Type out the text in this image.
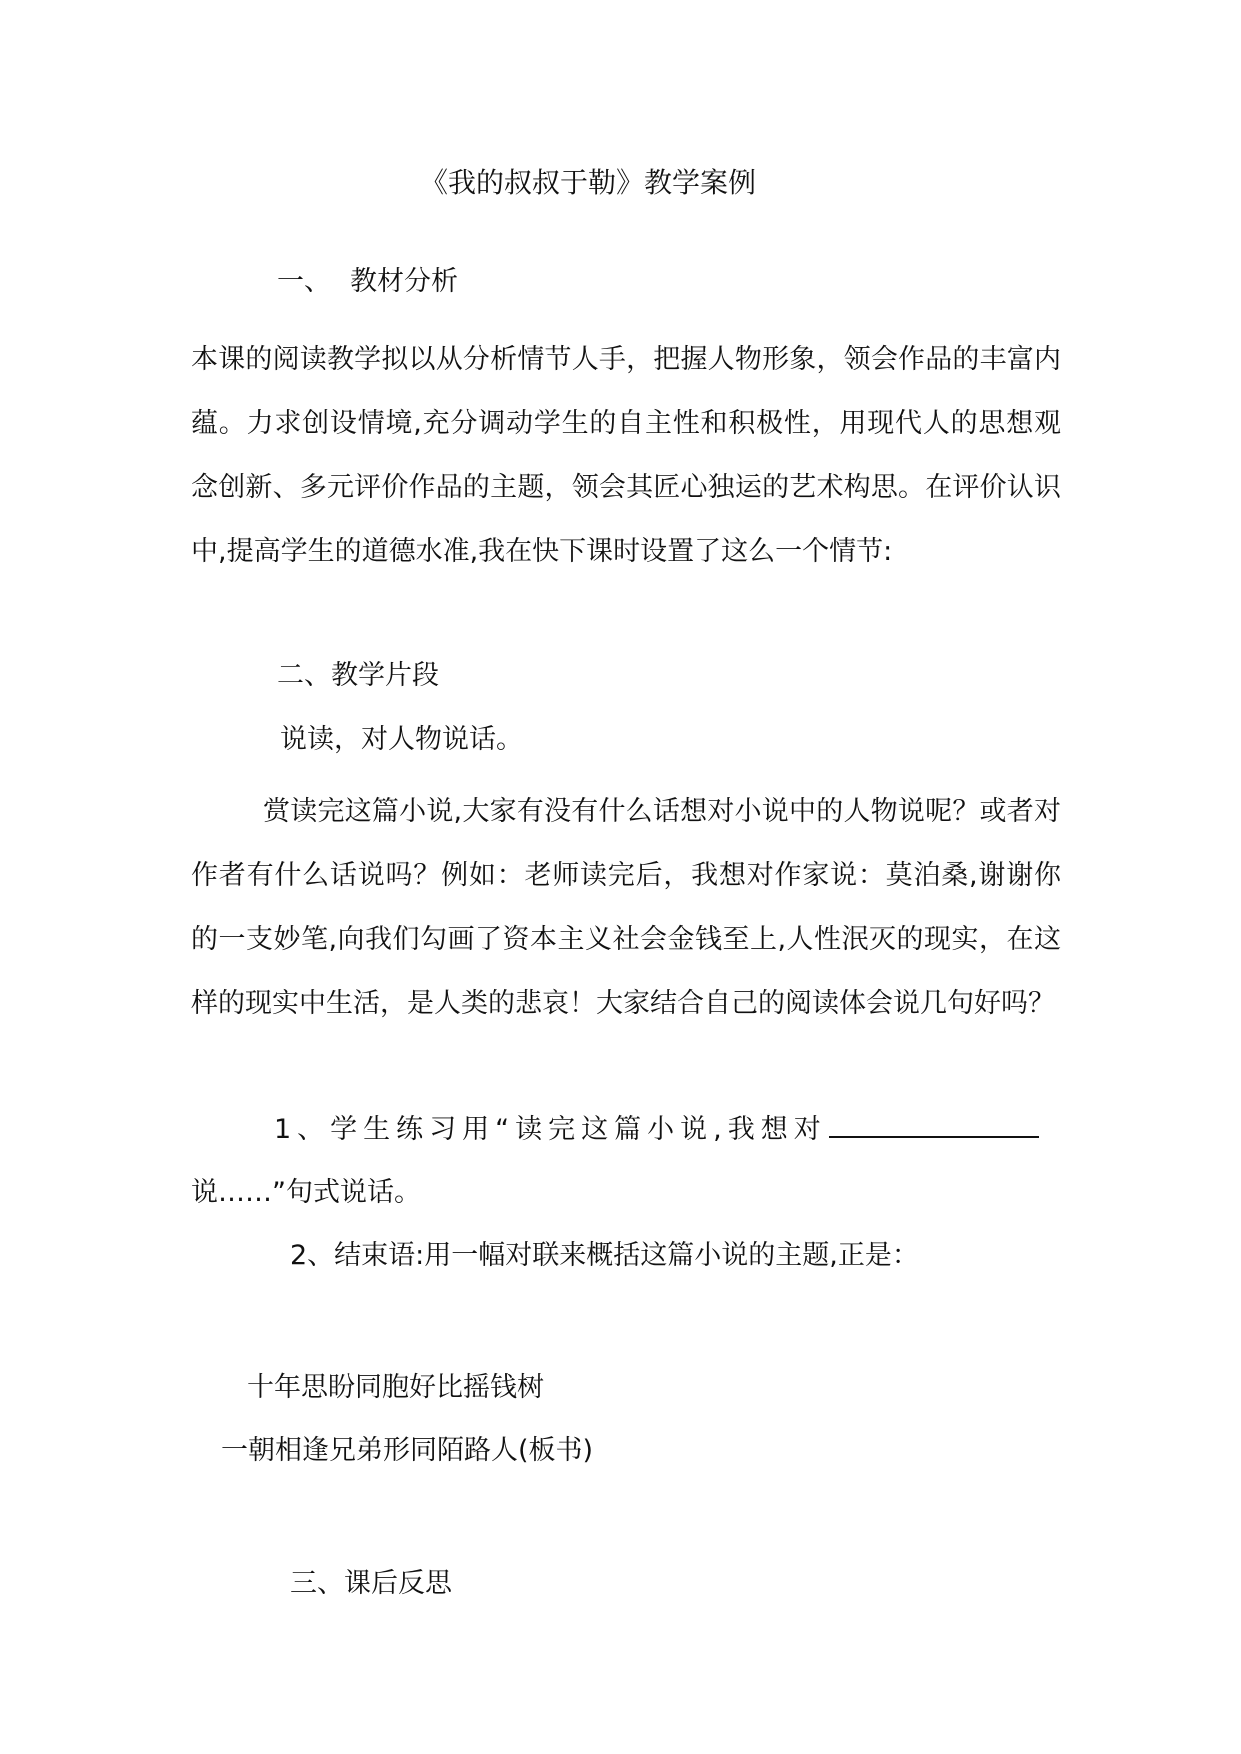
《我的叔叔于勒》教学案例
一、 教材分析
本课的阅读教学拟以从分析情节人手，把握人物形象，领会作品的丰富内蕴。力求创设情境,充分调动学生的自主性和积极性，用现代人的思想观念创新、多元评价作品的主题，领会其匠心独运的艺术构思。在评价认识中,提高学生的道德水准,我在快下课时设置了这么一个情节:
二、教学片段
说读，对人物说话。
赏读完这篇小说,大家有没有什么话想对小说中的人物说呢？或者对作者有什么话说吗？例如：老师读完后，我想对作家说：莫泊桑,谢谢你的一支妙笔,向我们勾画了资本主义社会金钱至上,人性泯灭的现实，在这样的现实中生活，是人类的悲哀！大家结合自己的阅读体会说几句好吗？
1、学生练习用“读完这篇小说,我想对
说……”句式说话。
2、结束语:用一幅对联来概括这篇小说的主题,正是：
十年思盼同胞好比摇钱树
一朝相逢兄弟形同陌路人(板书)
三、课后反思
